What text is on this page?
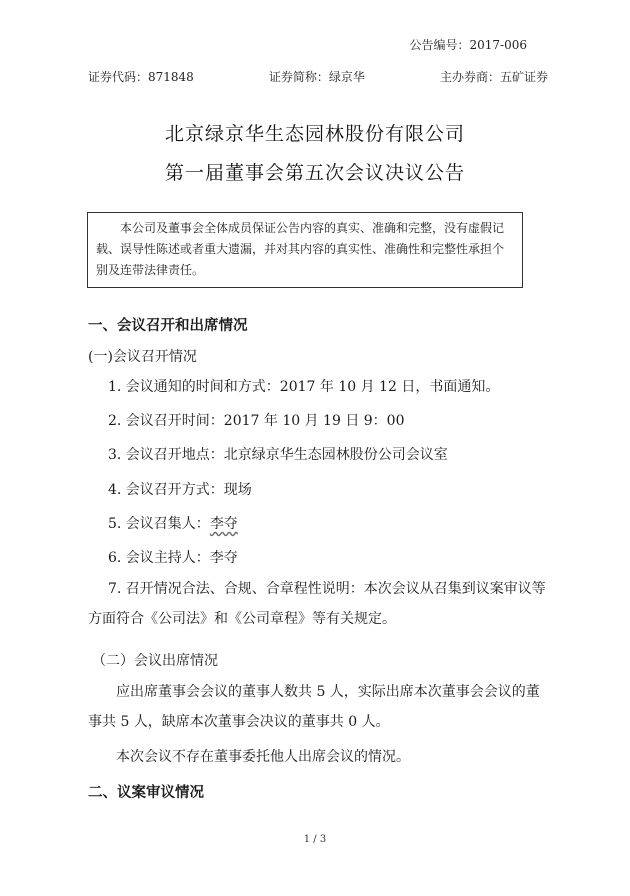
公告编号：2017-006
证券代码：871848	证券简称：绿京华	主办券商：五矿证券
北京绿京华生态园林股份有限公司
第一届董事会第五次会议决议公告
本公司及董事会全体成员保证公告内容的真实、准确和完整，没有虚假记载、误导性陈述或者重大遗漏，并对其内容的真实性、准确性和完整性承担个别及连带法律责任。
一、会议召开和出席情况
(一)会议召开情况
1. 会议通知的时间和方式：2017 年 10 月 12 日，书面通知。
2. 会议召开时间：2017 年 10 月 19 日 9：00
3. 会议召开地点：北京绿京华生态园林股份公司会议室
4. 会议召开方式：现场
5. 会议召集人：李夺
6. 会议主持人：李夺
7. 召开情况合法、合规、合章程性说明：本次会议从召集到议案审议等方面符合《公司法》和《公司章程》等有关规定。
（二）会议出席情况
应出席董事会会议的董事人数共 5 人，实际出席本次董事会会议的董事共 5 人，缺席本次董事会决议的董事共 0 人。
本次会议不存在董事委托他人出席会议的情况。
二、议案审议情况
1 / 3
